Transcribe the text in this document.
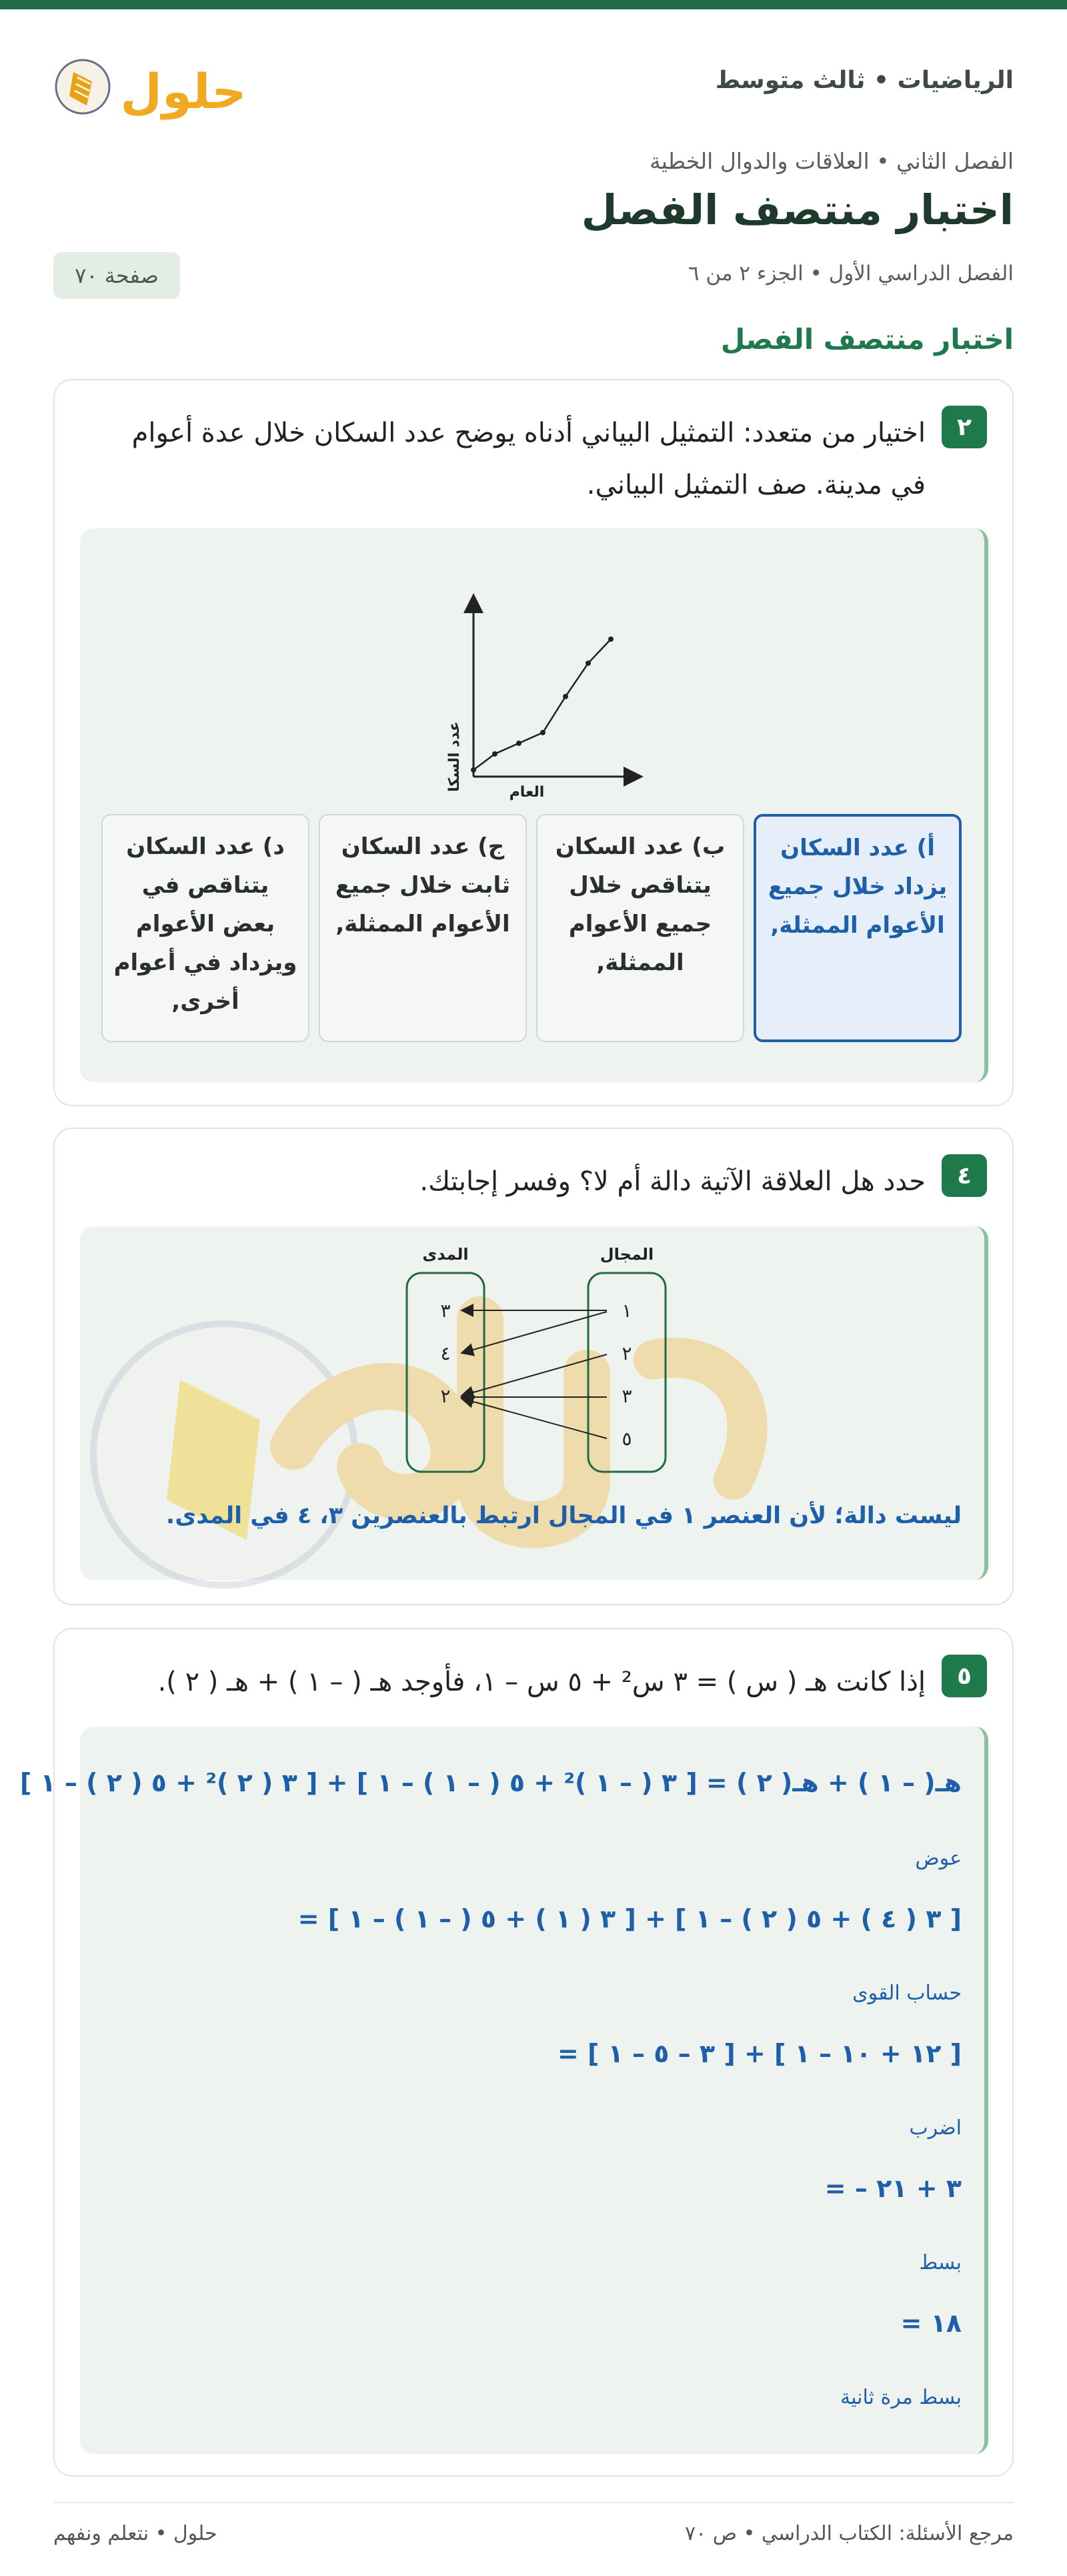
الرياضيات • ثالث متوسط
حلول
الفصل الثاني • العلاقات والدوال الخطية
اختبار منتصف الفصل
الفصل الدراسي الأول • الجزء ٢ من ٦
صفحة ٧٠
اختبار منتصف الفصل
٢
اختيار من متعدد: التمثيل البياني أدناه يوضح عدد السكان خلال عدة أعوام في مدينة. صف التمثيل البياني.
العام
عدد السكا
أ) عدد السكان يزداد خلال جميع الأعوام الممثلة,
ب) عدد السكان يتناقص خلال جميع الأعوام الممثلة,
ج) عدد السكان ثابت خلال جميع الأعوام الممثلة,
د) عدد السكان يتناقص في بعض الأعوام ويزداد في أعوام أخرى,
٤
حدد هل العلاقة الآتية دالة أم لا؟ وفسر إجابتك.
المجال
المدى
١
٢
٣
٥
٣
٤
٢
ليست دالة؛ لأن العنصر ١ في المجال ارتبط بالعنصرين ٣، ٤ في المدى.
٥
إذا كانت هـ ( س ) = ٣ س² + ٥ س – ١، فأوجد هـ ( – ١ ) + هـ ( ٢ ).
هـ( – ١ ) + هـ( ٢ ) = [ ٣ ( – ١ )² + ٥ ( – ١ ) – ١ ] + [ ٣ ( ٢ )² + ٥ ( ٢ ) – ١ ]
عوض
= [ ٣ ( ١ ) + ٥ ( – ١ ) – ١ ] + [ ٣ ( ٤ ) + ٥ ( ٢ ) – ١ ]
حساب القوى
= [ ٣ – ٥ – ١ ] + [ ١٢ + ١٠ – ١ ]
اضرب
= – ٣ + ٢١
بسط
= ١٨
بسط مرة ثانية
مرجع الأسئلة: الكتاب الدراسي • ص ٧٠
حلول • نتعلم ونفهم
